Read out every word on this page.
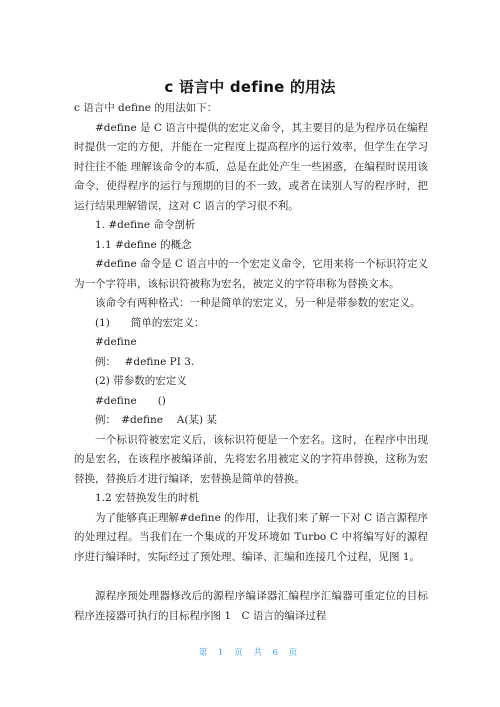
c 语言中 define 的用法

c 语言中 define 的用法如下：

#define 是 C 语言中提供的宏定义命令，其主要目的是为程序员在编程时提供一定的方便，并能在一定程度上提高程序的运行效率，但学生在学习时往往不能 理解该命令的本质，总是在此处产生一些困惑，在编程时误用该命令，使得程序的运行与预期的目的不一致，或者在读别人写的程序时，把运行结果理解错误，这对 C 语言的学习很不利。

1. #define 命令剖析

1.1 #define 的概念

#define 命令是 C 语言中的一个宏定义命令，它用来将一个标识符定义为一个字符串，该标识符被称为宏名，被定义的字符串称为替换文本。

该命令有两种格式：一种是简单的宏定义，另一种是带参数的宏定义。

(1)　　简单的宏定义：

#define

例：　 #define PI 3.

(2) 带参数的宏定义

#define　　()

例：　#define　 A(某) 某

一个标识符被宏定义后，该标识符便是一个宏名。这时，在程序中出现的是宏名，在该程序被编译前，先将宏名用被定义的字符串替换，这称为宏替换，替换后才进行编译，宏替换是简单的替换。

1.2 宏替换发生的时机

为了能够真正理解#define 的作用，让我们来了解一下对 C 语言源程序的处理过程。当我们在一个集成的开发环境如 Turbo C 中将编写好的源程序进行编译时，实际经过了预处理、编译、汇编和连接几个过程，见图 1。

源程序预处理器修改后的源程序编译器汇编程序汇编器可重定位的目标程序连接器可执行的目标程序图 1　C 语言的编译过程

第 1 页 共 6 页
